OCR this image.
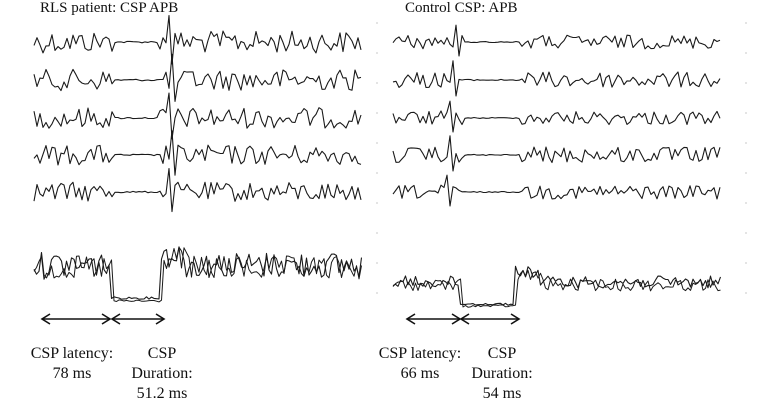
RLS patient: CSP APB	Control CSP: APB
CSP latency:
78 ms
CSP
Duration:
51.2 ms
CSP latency:
66 ms
CSP
Duration:
54 ms
